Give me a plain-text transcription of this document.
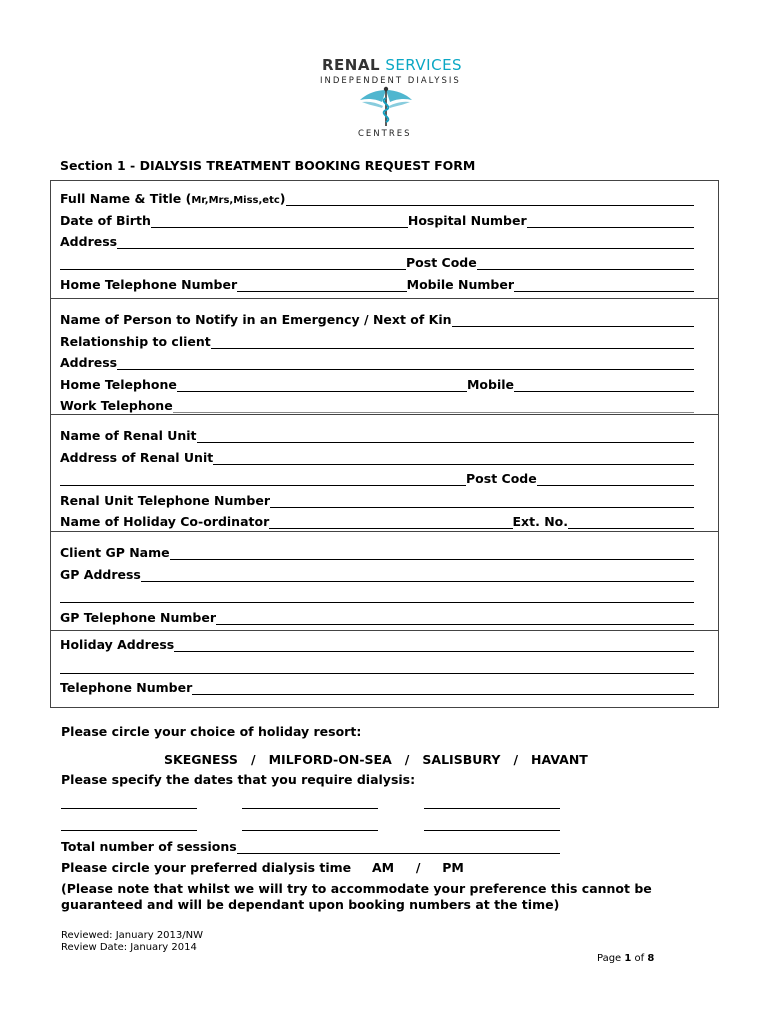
RENAL SERVICES
INDEPENDENT DIALYSIS
CENTRES
Section 1 - DIALYSIS TREATMENT BOOKING REQUEST FORM
Full Name & Title ( Mr,Mrs,Miss,etc )
Date of Birth	Hospital Number
Address
Post Code
Home Telephone Number	Mobile Number
Name of Person to Notify in an Emergency / Next of Kin
Relationship to client
Address
Home Telephone	Mobile
Work Telephone
Name of Renal Unit
Address of Renal Unit
Post Code
Renal Unit Telephone Number
Name of Holiday Co-ordinator	Ext. No.
Client GP Name
GP Address
GP Telephone Number
Holiday Address
Telephone Number
Please circle your choice of holiday resort:
SKEGNESS   /   MILFORD-ON-SEA   /   SALISBURY   /   HAVANT
Please specify the dates that you require dialysis:
Total number of sessions
Please circle your preferred dialysis time AM     /     PM
(Please note that whilst we will try to accommodate your preference this cannot be
guaranteed and will be dependant upon booking numbers at the time)
Reviewed: January 2013/NW
Review Date: January 2014
Page 1 of 8
